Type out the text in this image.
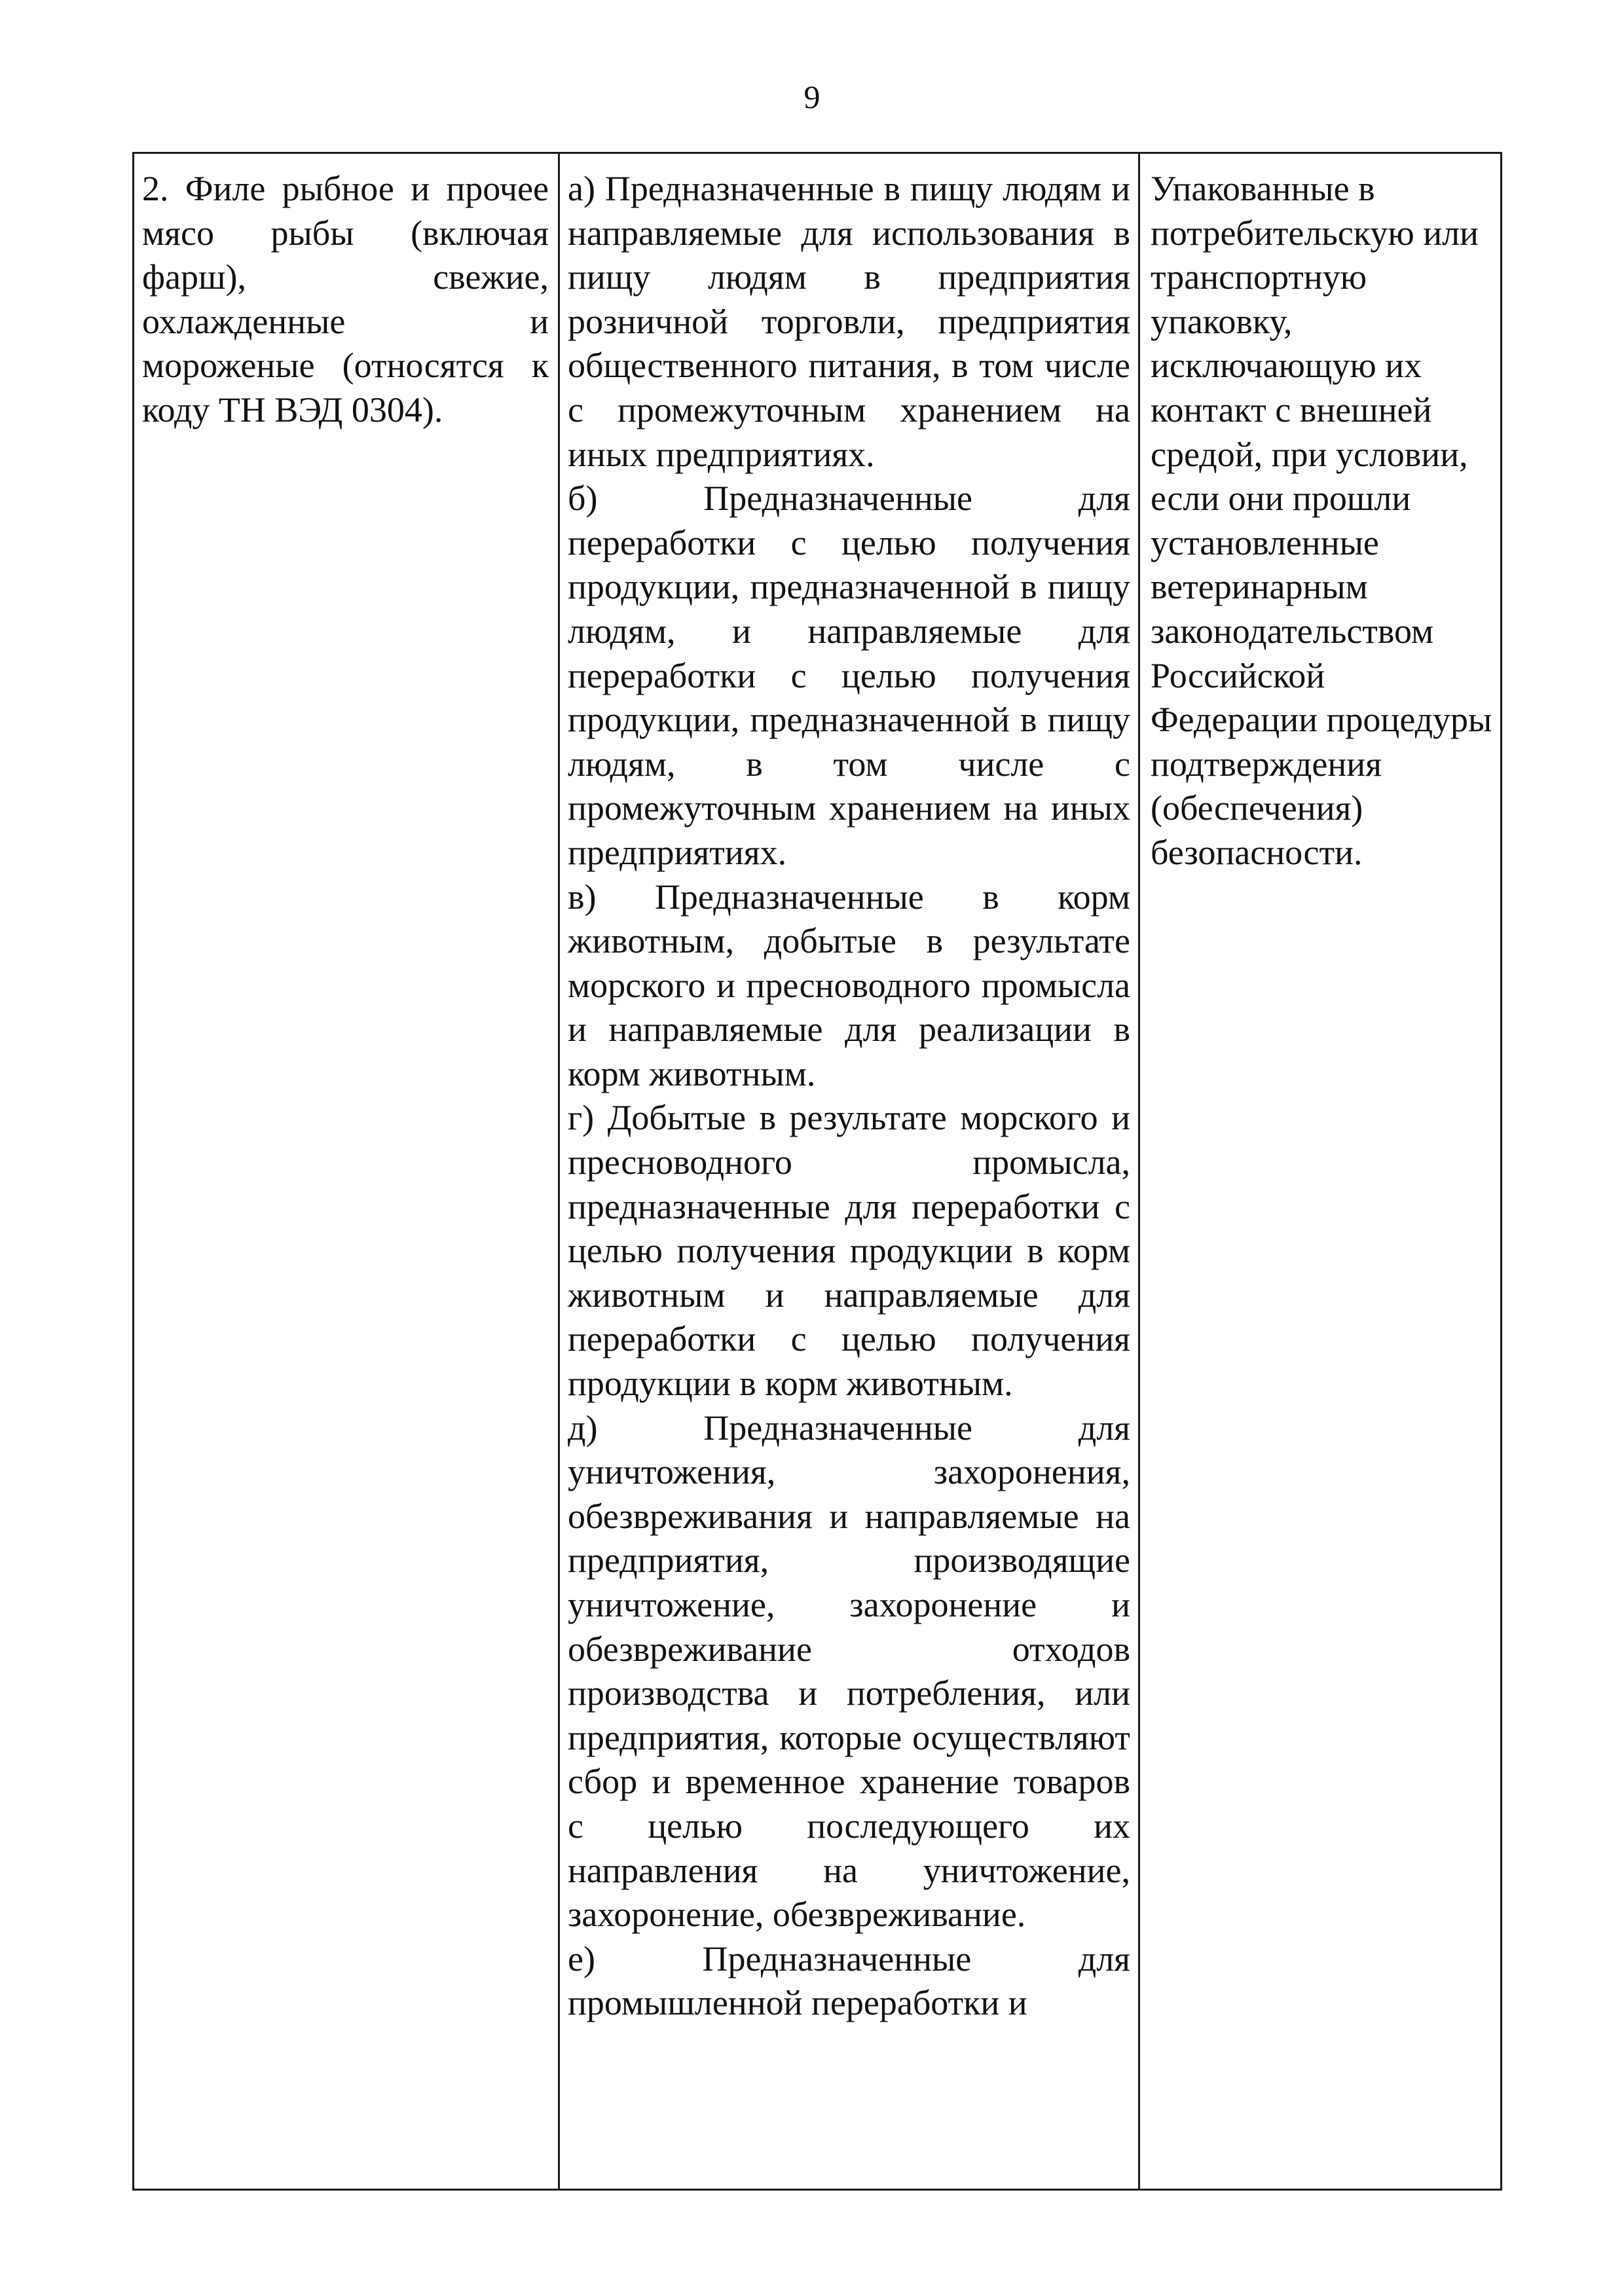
9

2. Филе рыбное и прочее мясо рыбы (включая фарш), свежие, охлажденные и мороженые (относятся к коду ТН ВЭД 0304).

а) Предназначенные в пищу людям и направляемые для использования в пищу людям в предприятия розничной торговли, предприятия общественного питания, в том числе с промежуточным хранением на иных предприятиях.

б) Предназначенные для переработки с целью получения продукции, предназначенной в пищу людям, и направляемые для переработки с целью получения продукции, предназначенной в пищу людям, в том числе с промежуточным хранением на иных предприятиях.

в) Предназначенные в корм животным, добытые в результате морского и пресноводного промысла и направляемые для реализации в корм животным.

г) Добытые в результате морского и пресноводного промысла, предназначенные для переработки с целью получения продукции в корм животным и направляемые для переработки с целью получения продукции в корм животным.

д) Предназначенные для уничтожения, захоронения, обезвреживания и направляемые на предприятия, производящие уничтожение, захоронение и обезвреживание отходов производства и потребления, или предприятия, которые осуществляют сбор и временное хранение товаров с целью последующего их направления на уничтожение, захоронение, обезвреживание.

е) Предназначенные для промышленной переработки и

Упакованные в потребительскую или транспортную упаковку, исключающую их контакт с внешней средой, при условии, если они прошли установленные ветеринарным законодательством Российской Федерации процедуры подтверждения (обеспечения) безопасности.
